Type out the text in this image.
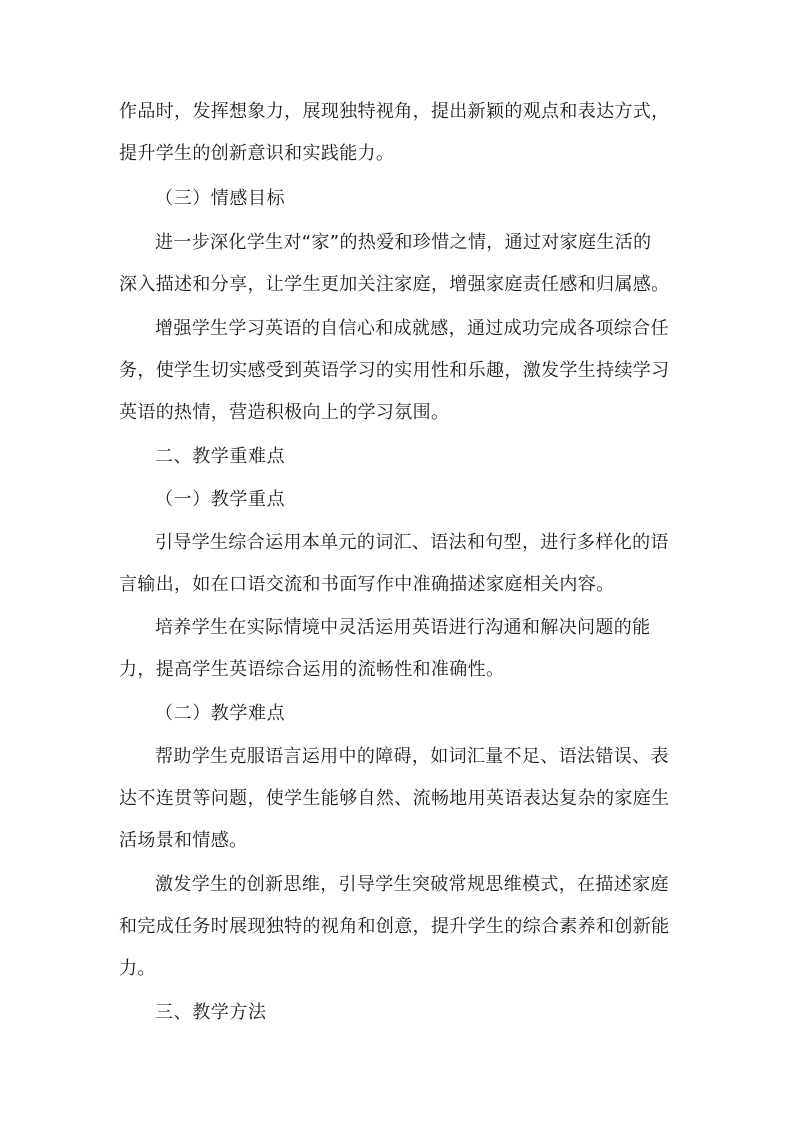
作品时，发挥想象力，展现独特视角，提出新颖的观点和表达方式，
提升学生的创新意识和实践能力。
（三）情感目标
进一步深化学生对“家”的热爱和珍惜之情，通过对家庭生活的
深入描述和分享，让学生更加关注家庭，增强家庭责任感和归属感。
增强学生学习英语的自信心和成就感，通过成功完成各项综合任
务，使学生切实感受到英语学习的实用性和乐趣，激发学生持续学习
英语的热情，营造积极向上的学习氛围。
二、教学重难点
（一）教学重点
引导学生综合运用本单元的词汇、语法和句型，进行多样化的语
言输出，如在口语交流和书面写作中准确描述家庭相关内容。
培养学生在实际情境中灵活运用英语进行沟通和解决问题的能
力，提高学生英语综合运用的流畅性和准确性。
（二）教学难点
帮助学生克服语言运用中的障碍，如词汇量不足、语法错误、表
达不连贯等问题，使学生能够自然、流畅地用英语表达复杂的家庭生
活场景和情感。
激发学生的创新思维，引导学生突破常规思维模式，在描述家庭
和完成任务时展现独特的视角和创意，提升学生的综合素养和创新能
力。
三、教学方法
